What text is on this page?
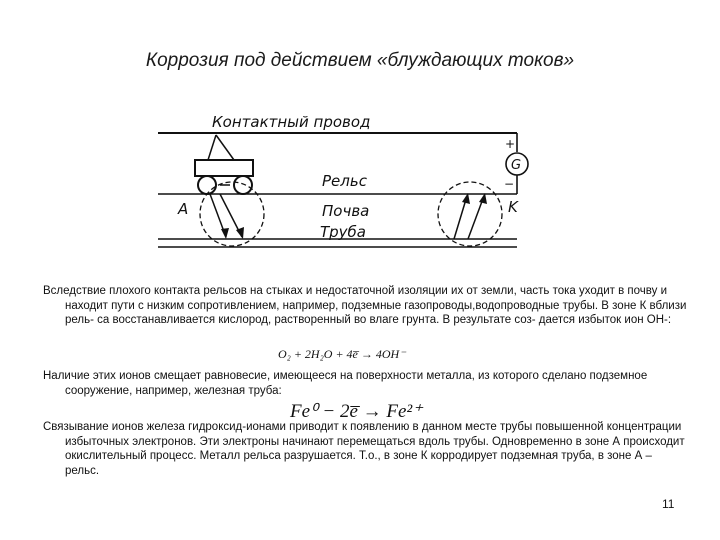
Коррозия под действием «блуждающих токов»
Контактный провод
Рельс
Почва
Труба
A	K
G
+
−
Вследствие плохого контакта рельсов на стыках и недостаточной изоляции их от земли, часть тока уходит в почву и находит пути с низким сопротивлением, например, подземные газопроводы,водопроводные трубы. В зоне К вблизи рель- са восстанавливается кислород, растворенный во влаге грунта. В результате соз- дается избыток ион ОН-:
O₂ + 2H₂O + 4e̅ → 4OH⁻
Наличие этих ионов смещает равновесие, имеющееся на поверхности металла, из которого сделано подземное сооружение, например, железная труба:
Fe⁰ − 2e̅ → Fe²⁺
Связывание ионов железа гидроксид-ионами приводит к появлению в данном месте трубы повышенной концентрации избыточных электронов. Эти электроны начинают перемещаться вдоль трубы. Одновременно в зоне А происходит окислительный процесс. Металл рельса разрушается. Т.о., в зоне К корродирует подземная труба, в зоне А – рельс.
11
